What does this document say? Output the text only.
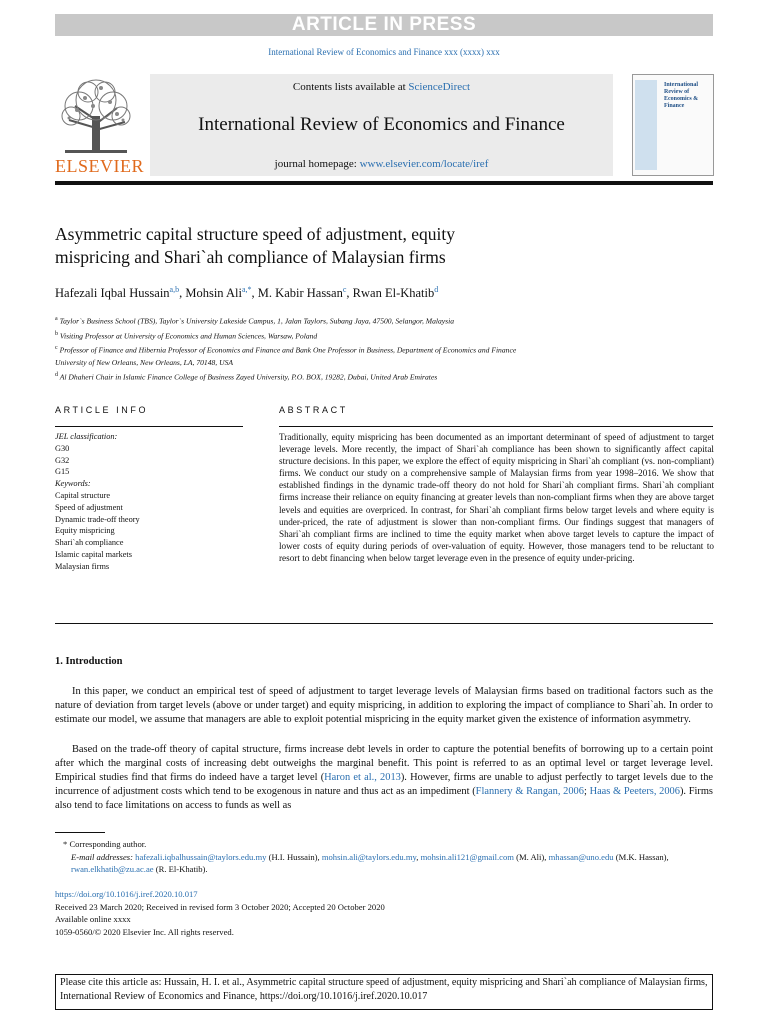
ARTICLE IN PRESS
International Review of Economics and Finance xxx (xxxx) xxx
ELSEVIER
Contents lists available at ScienceDirect
International Review of Economics and Finance
journal homepage: www.elsevier.com/locate/iref
International Review of Economics & Finance
Asymmetric capital structure speed of adjustment, equity
mispricing and Shari`ah compliance of Malaysian firms
Hafezali Iqbal Hussain$^{a,b}$, Mohsin Ali$^{a,*}$, M. Kabir Hassan$^c$, Rwan El-Khatib$^d$
$^a$ Taylor`s Business School (TBS), Taylor`s University Lakeside Campus, 1, Jalan Taylors, Subang Jaya, 47500, Selangor, Malaysia
$^b$ Visiting Professor at University of Economics and Human Sciences, Warsaw, Poland
$^c$ Professor of Finance and Hibernia Professor of Economics and Finance and Bank One Professor in Business, Department of Economics and Finance
University of New Orleans, New Orleans, LA, 70148, USA
$^d$ Al Dhaheri Chair in Islamic Finance College of Business Zayed University, P.O. BOX, 19282, Dubai, United Arab Emirates
ARTICLE INFO	ABSTRACT
JEL classification:
G30
G32
G15
Keywords:
Capital structure
Speed of adjustment
Dynamic trade-off theory
Equity mispricing
Shari`ah compliance
Islamic capital markets
Malaysian firms
Traditionally, equity mispricing has been documented as an important determinant of speed of adjustment to target leverage levels. More recently, the impact of Shari`ah compliance has been shown to significantly affect capital structure decisions. In this paper, we explore the effect of equity mispricing in Shari`ah compliant (vs. non-compliant) firms. We conduct our study on a comprehensive sample of Malaysian firms from year 1998–2016. We show that established findings in the dynamic trade-off theory do not hold for Shari`ah compliant firms. Shari`ah compliant firms increase their reliance on equity financing at greater levels than non-compliant firms when they are above target levels and equities are overpriced. In contrast, for Shari`ah compliant firms below target levels and where equity is under-priced, the rate of adjustment is slower than non-compliant firms. Our findings suggest that managers of Shari`ah compliant firms are inclined to time the equity market when above target levels to capture the impact of lower costs of equity during periods of over-valuation of equity. However, those managers tend to be reluctant to resort to debt financing when below target leverage even in the presence of equity under-pricing.
1. Introduction
In this paper, we conduct an empirical test of speed of adjustment to target leverage levels of Malaysian firms based on traditional factors such as the nature of deviation from target levels (above or under target) and equity mispricing, in addition to exploring the impact of compliance to Shari`ah. In order to estimate our model, we assume that managers are able to exploit potential mispricing in the equity market given the existence of information asymmetry.
Based on the trade-off theory of capital structure, firms increase debt levels in order to capture the potential benefits of borrowing up to a certain point after which the marginal costs of increasing debt outweighs the marginal benefit. This point is referred to as an optimal level or target leverage level. Empirical studies find that firms do indeed have a target level (Haron et al., 2013). However, firms are unable to adjust perfectly to target levels due to the incurrence of adjustment costs which tend to be exogenous in nature and thus act as an impediment (Flannery & Rangan, 2006; Haas & Peeters, 2006). Firms also tend to face limitations on access to funds as well as
* Corresponding author.
E-mail addresses: hafezali.iqbalhussain@taylors.edu.my (H.I. Hussain), mohsin.ali@taylors.edu.my, mohsin.ali121@gmail.com (M. Ali), mhassan@uno.edu (M.K. Hassan), rwan.elkhatib@zu.ac.ae (R. El-Khatib).
https://doi.org/10.1016/j.iref.2020.10.017
Received 23 March 2020; Received in revised form 3 October 2020; Accepted 20 October 2020
Available online xxxx
1059-0560/© 2020 Elsevier Inc. All rights reserved.
Please cite this article as: Hussain, H. I. et al., Asymmetric capital structure speed of adjustment, equity mispricing and Shari`ah compliance of Malaysian firms, International Review of Economics and Finance, https://doi.org/10.1016/j.iref.2020.10.017
